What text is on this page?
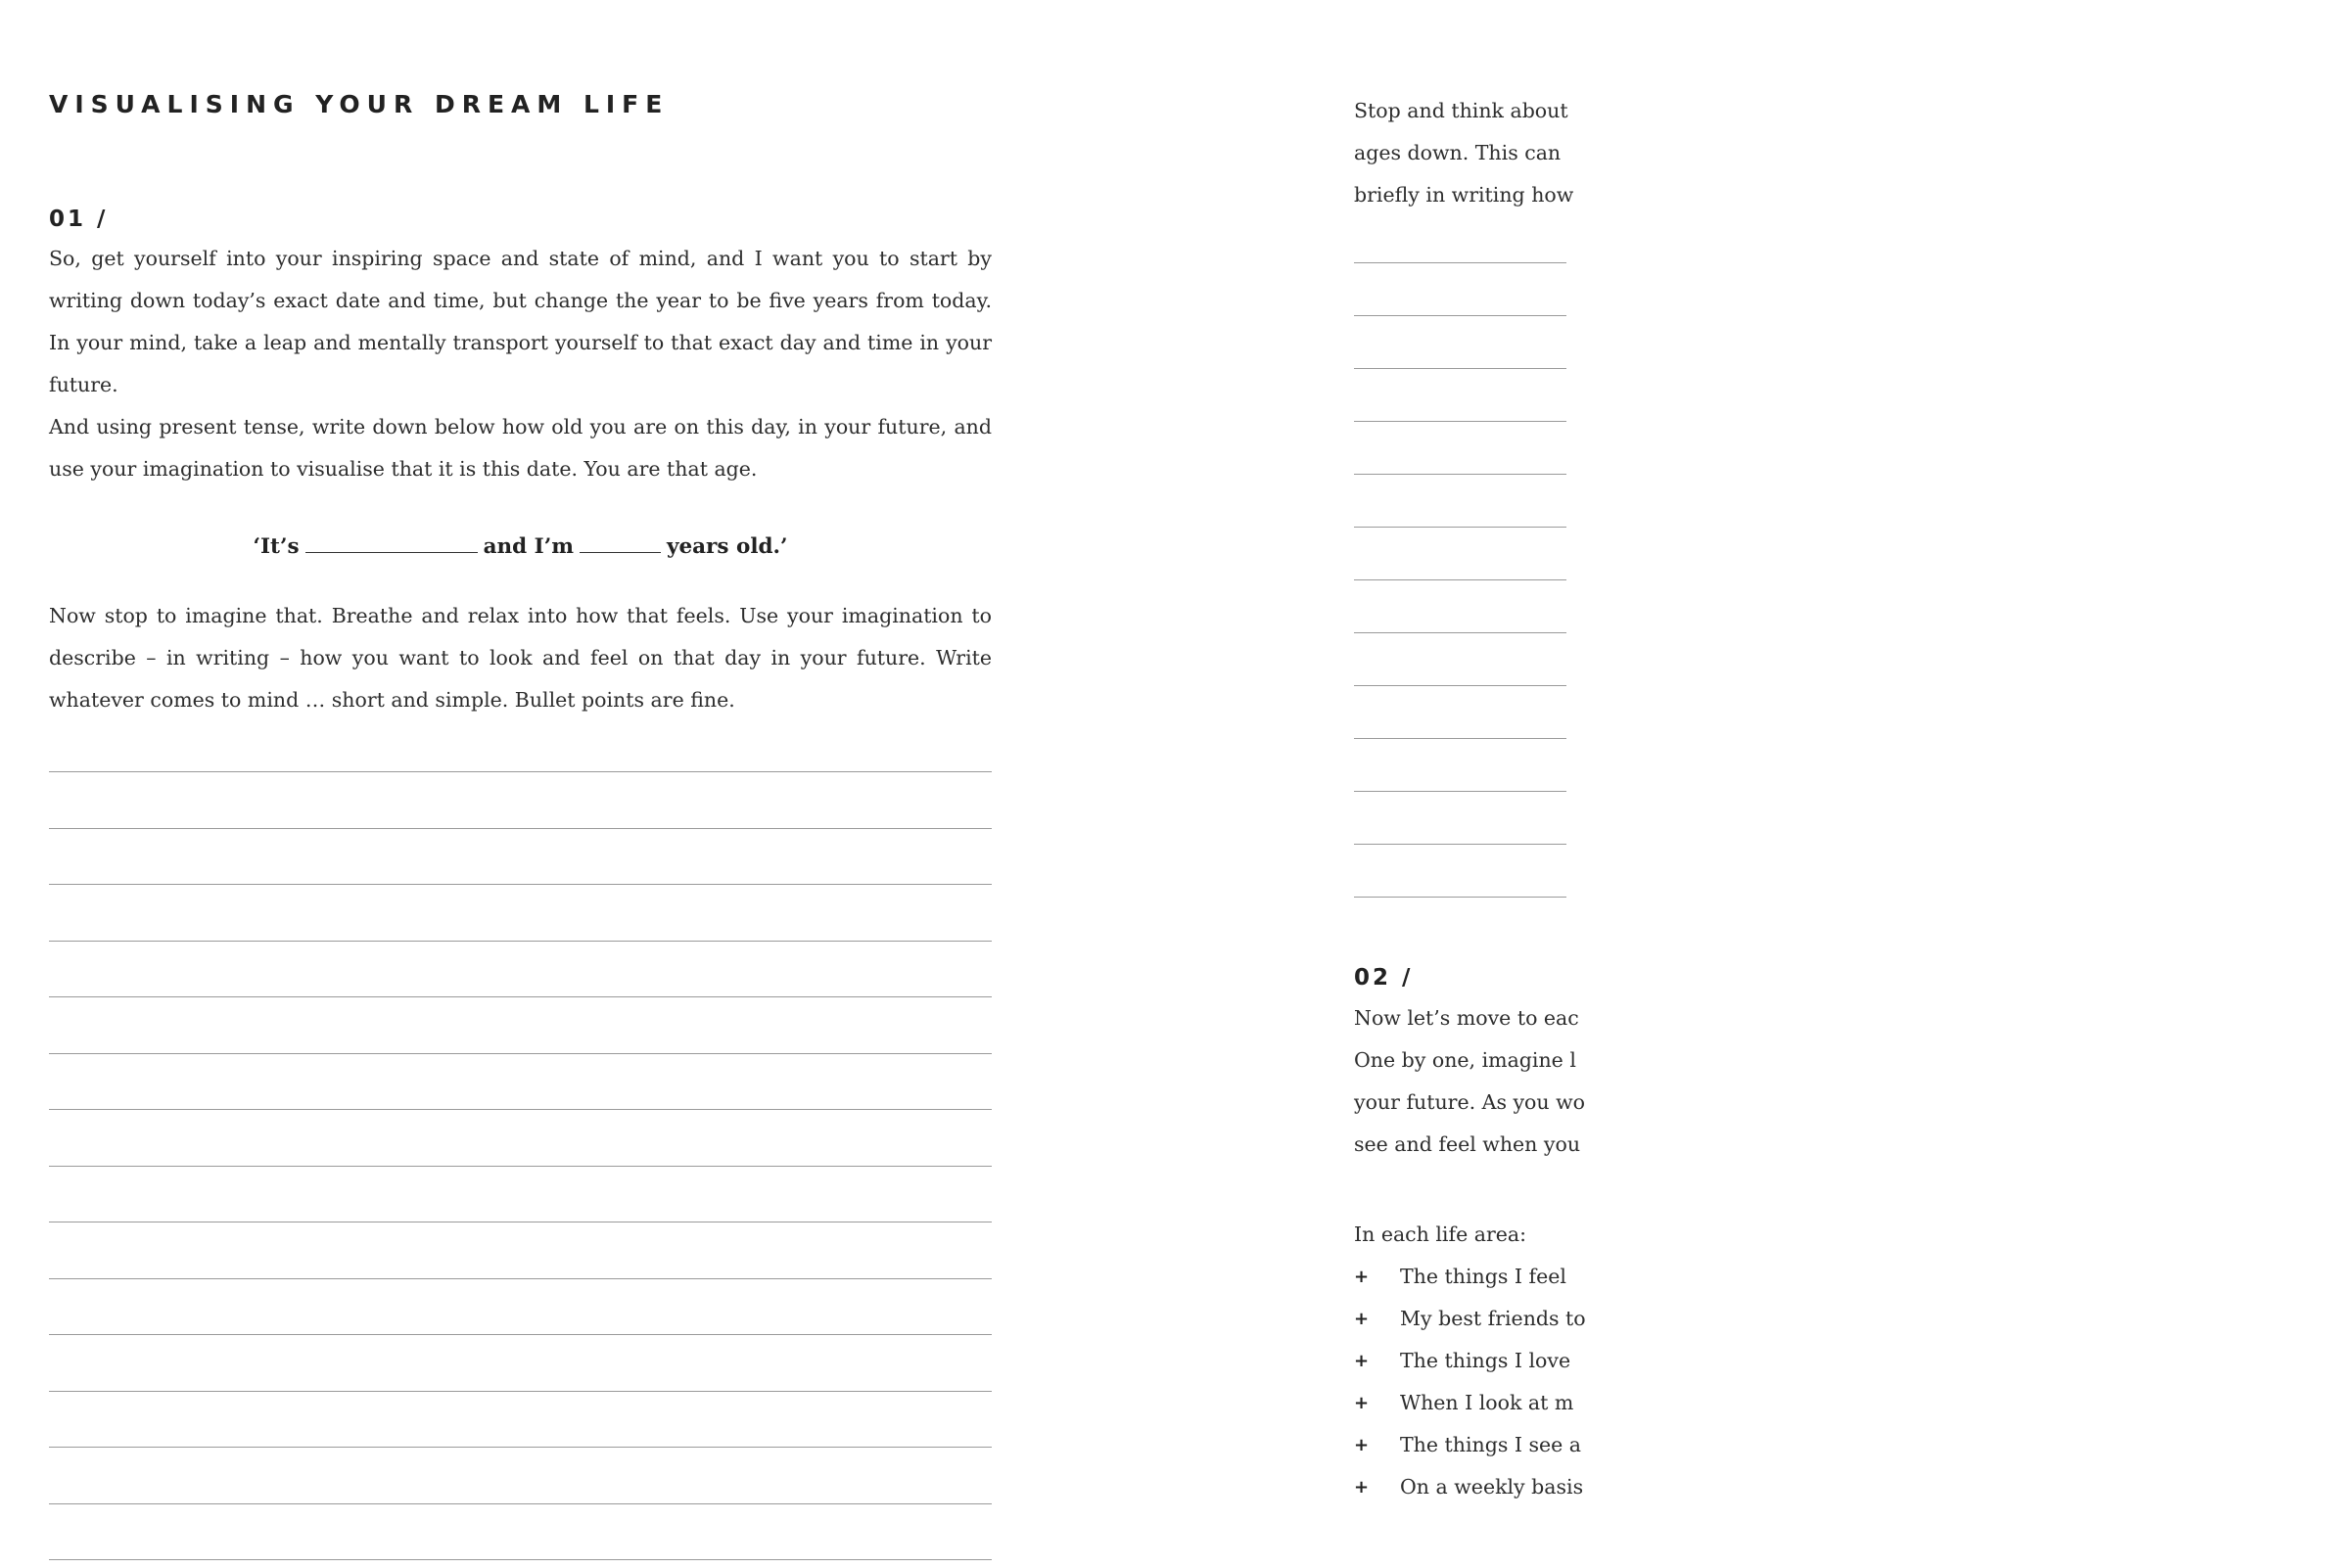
VISUALISING YOUR DREAM LIFE
01 /

So, get yourself into your inspiring space and state of mind, and I want you to start by writing down today’s exact date and time, but change the year to be five years from today. In your mind, take a leap and mentally transport yourself to that exact day and time in your future.

And using present tense, write down below how old you are on this day, in your future, and use your imagination to visualise that it is this date. You are that age.

‘It’s	and I’m	years old.’

Now stop to imagine that. Breathe and relax into how that feels. Use your imagination to describe – in writing – how you want to look and feel on that day in your future. Write whatever comes to mind … short and simple. Bullet points are fine.

Stop and think about
ages down. This can
briefly in writing how
02 /
Now let’s move to eac
One by one, imagine l
your future. As you wo
see and feel when you
In each life area:
+ The things I feel
+ My best friends to
+ The things I love
+ When I look at m
+ The things I see a
+ On a weekly basis
